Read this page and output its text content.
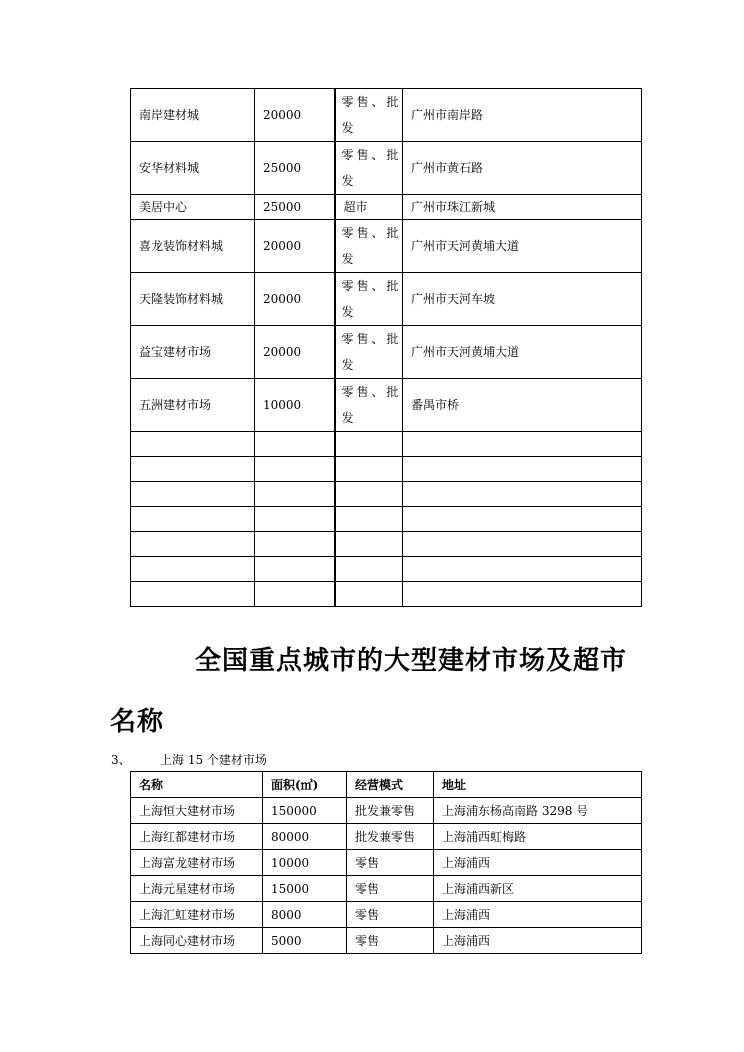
南岸建材城	20000	零售、批发	广州市南岸路
安华材料城	25000	零售、批发	广州市黄石路
美居中心	25000	超市	广州市珠江新城
喜龙装饰材料城	20000	零售、批发	广州市天河黄埔大道
天隆装饰材料城	20000	零售、批发	广州市天河车坡
益宝建材市场	20000	零售、批发	广州市天河黄埔大道
五洲建材市场	10000	零售、批发	番禺市桥

全国重点城市的大型建材市场及超市
名称
3、 上海 15 个建材市场
名称	面积(㎡)	经营模式	地址
上海恒大建材市场	150000	批发兼零售	上海浦东杨高南路 3298 号
上海红都建材市场	80000	批发兼零售	上海浦西虹梅路
上海富龙建材市场	10000	零售	上海浦西
上海元星建材市场	15000	零售	上海浦西新区
上海汇虹建材市场	8000	零售	上海浦西
上海同心建材市场	5000	零售	上海浦西
